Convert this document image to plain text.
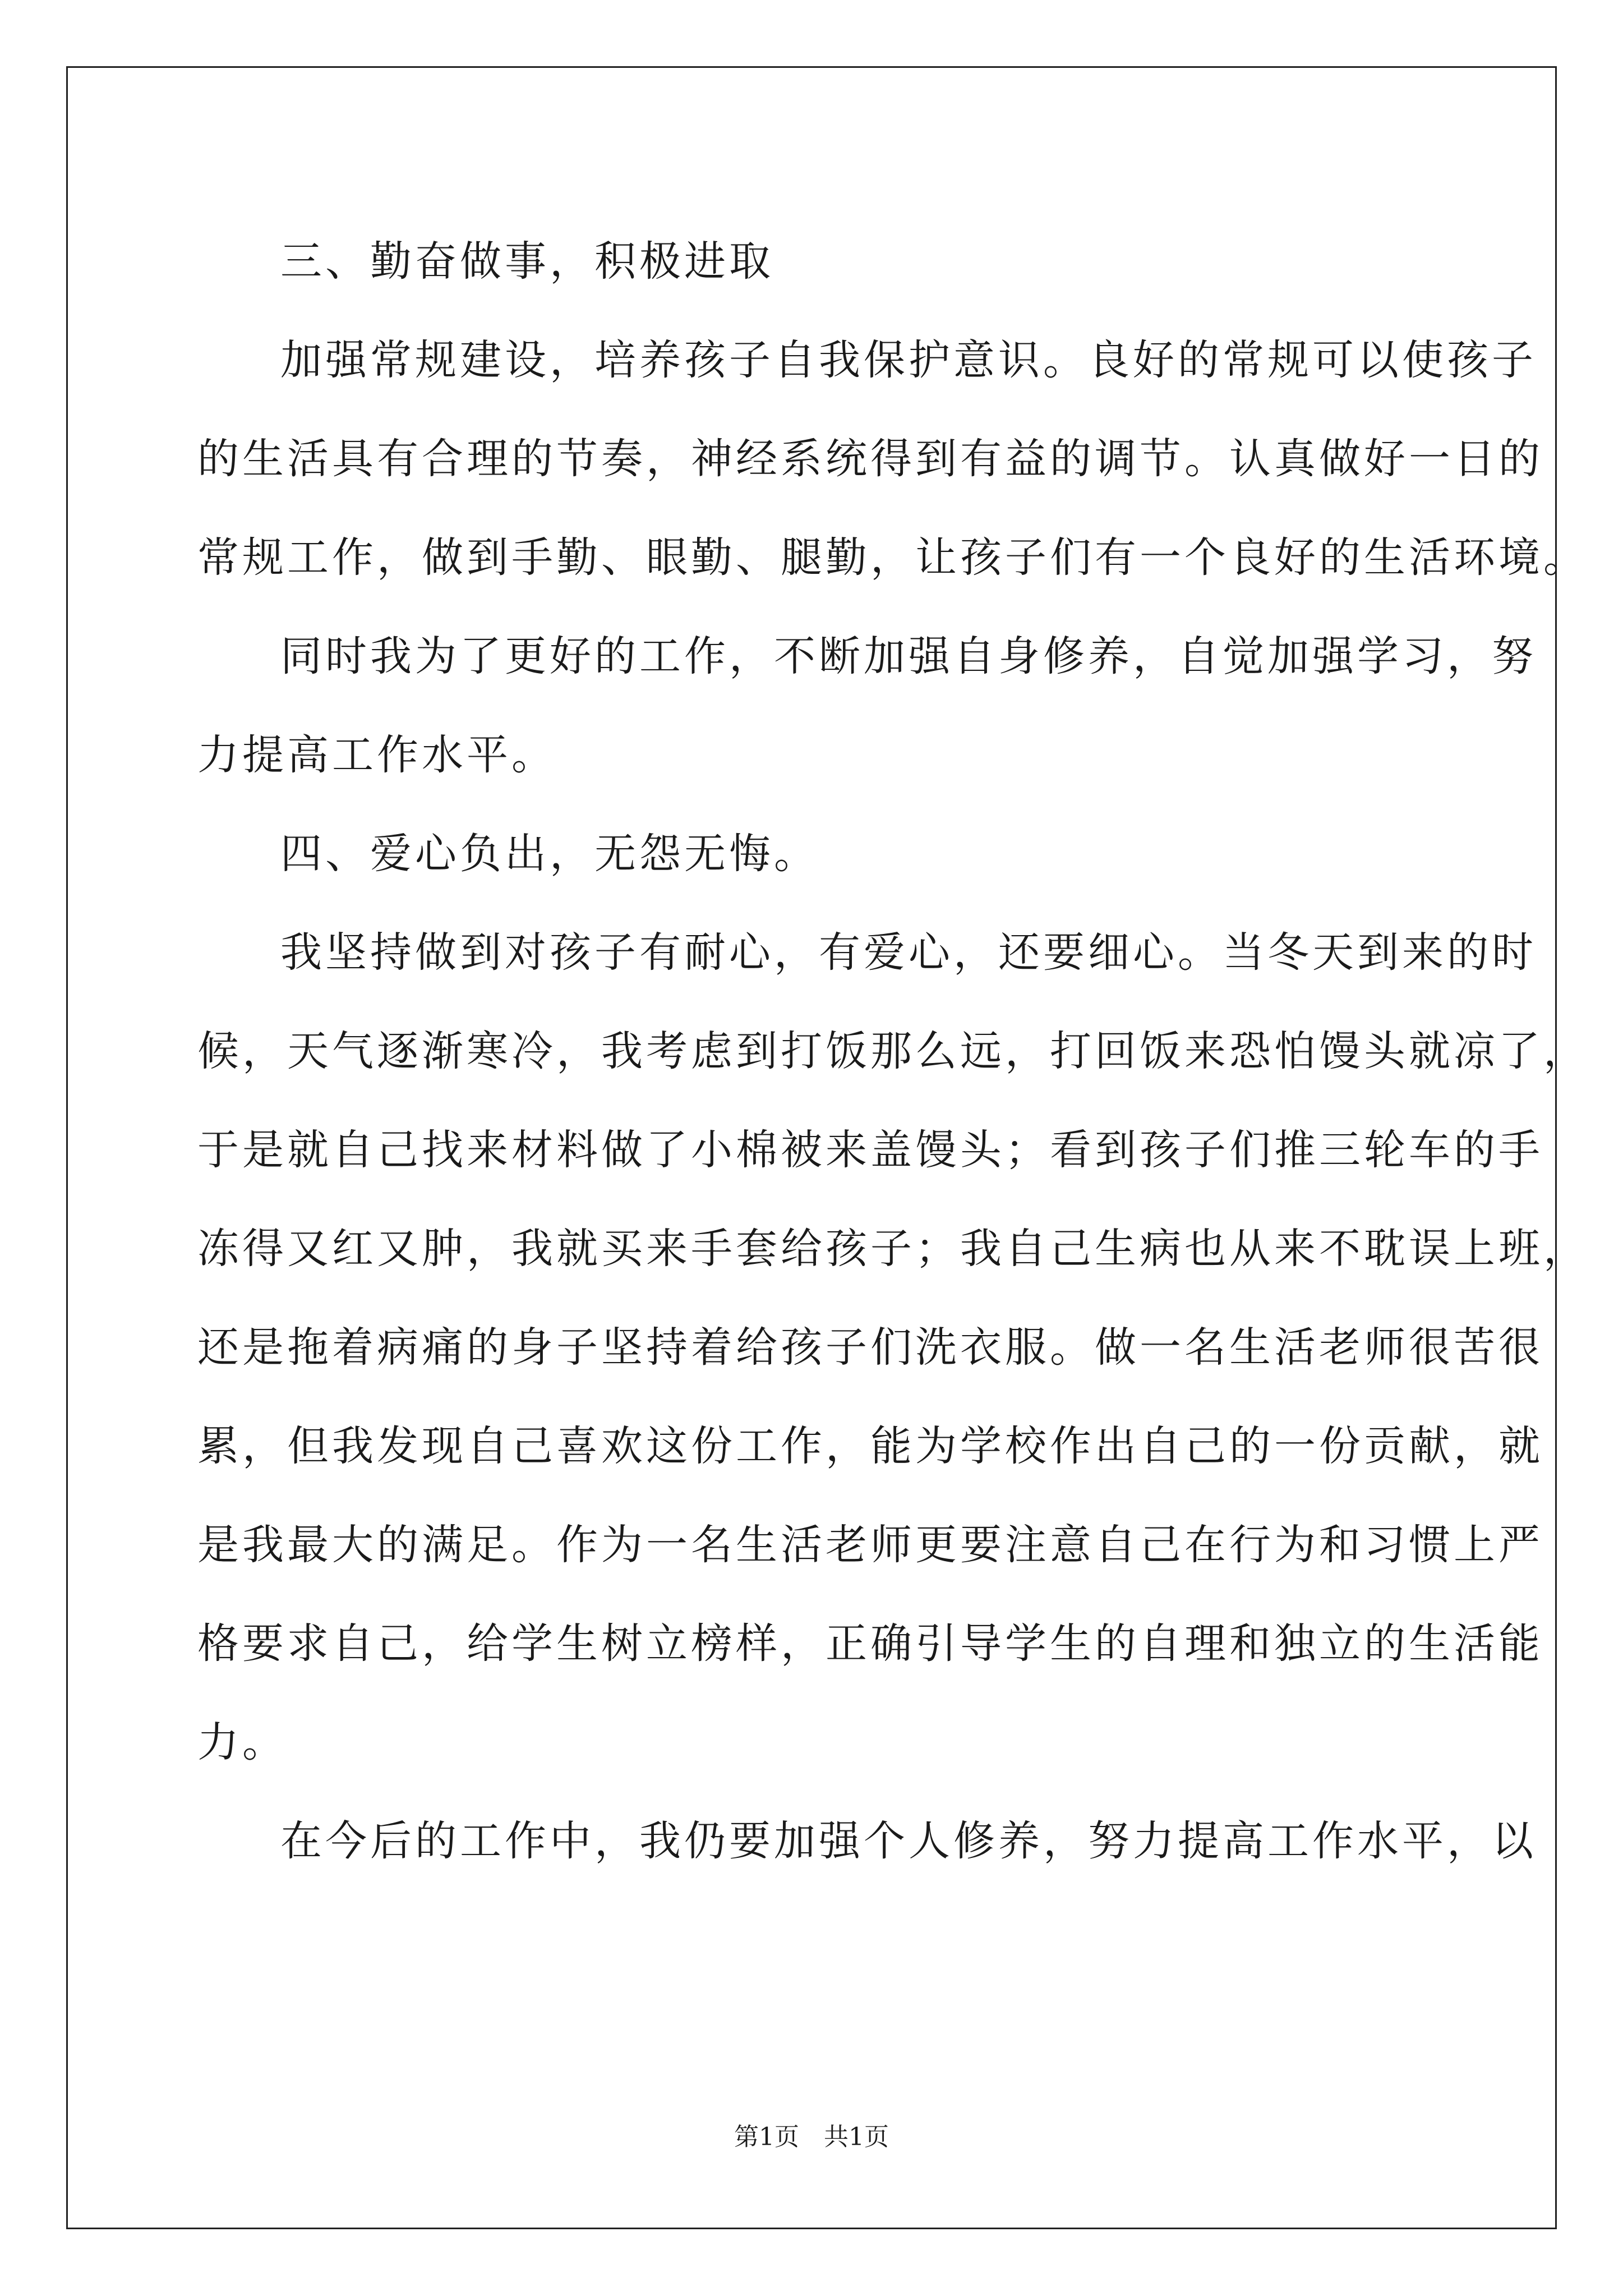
三、勤奋做事，积极进取
加强常规建设，培养孩子自我保护意识。良好的常规可以使孩子
的生活具有合理的节奏，神经系统得到有益的调节。认真做好一日的
常规工作，做到手勤、眼勤、腿勤，让孩子们有一个良好的生活环境。
同时我为了更好的工作，不断加强自身修养，自觉加强学习，努
力提高工作水平。
四、爱心负出，无怨无悔。
我坚持做到对孩子有耐心，有爱心，还要细心。当冬天到来的时
候，天气逐渐寒冷，我考虑到打饭那么远，打回饭来恐怕馒头就凉了，
于是就自己找来材料做了小棉被来盖馒头；看到孩子们推三轮车的手
冻得又红又肿，我就买来手套给孩子；我自己生病也从来不耽误上班，
还是拖着病痛的身子坚持着给孩子们洗衣服。做一名生活老师很苦很
累，但我发现自己喜欢这份工作，能为学校作出自己的一份贡献，就
是我最大的满足。作为一名生活老师更要注意自己在行为和习惯上严
格要求自己，给学生树立榜样，正确引导学生的自理和独立的生活能
力。
在今后的工作中，我仍要加强个人修养，努力提高工作水平，以
第1页　共1页
